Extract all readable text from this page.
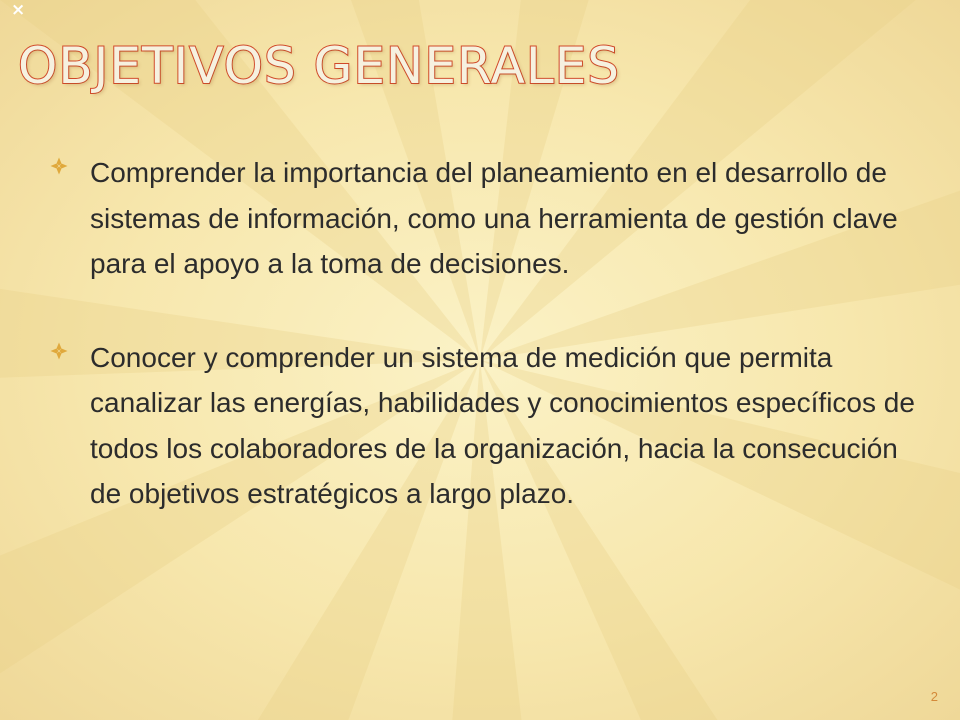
×
OBJETIVOS GENERALES
Comprender la importancia del planeamiento en el desarrollo de sistemas de información, como una herramienta de gestión clave para el apoyo a la toma de decisiones.
Conocer y comprender un sistema de medición que permita canalizar las energías, habilidades y conocimientos específicos de todos los colaboradores de la organización, hacia la consecución de objetivos estratégicos a largo plazo.
2
